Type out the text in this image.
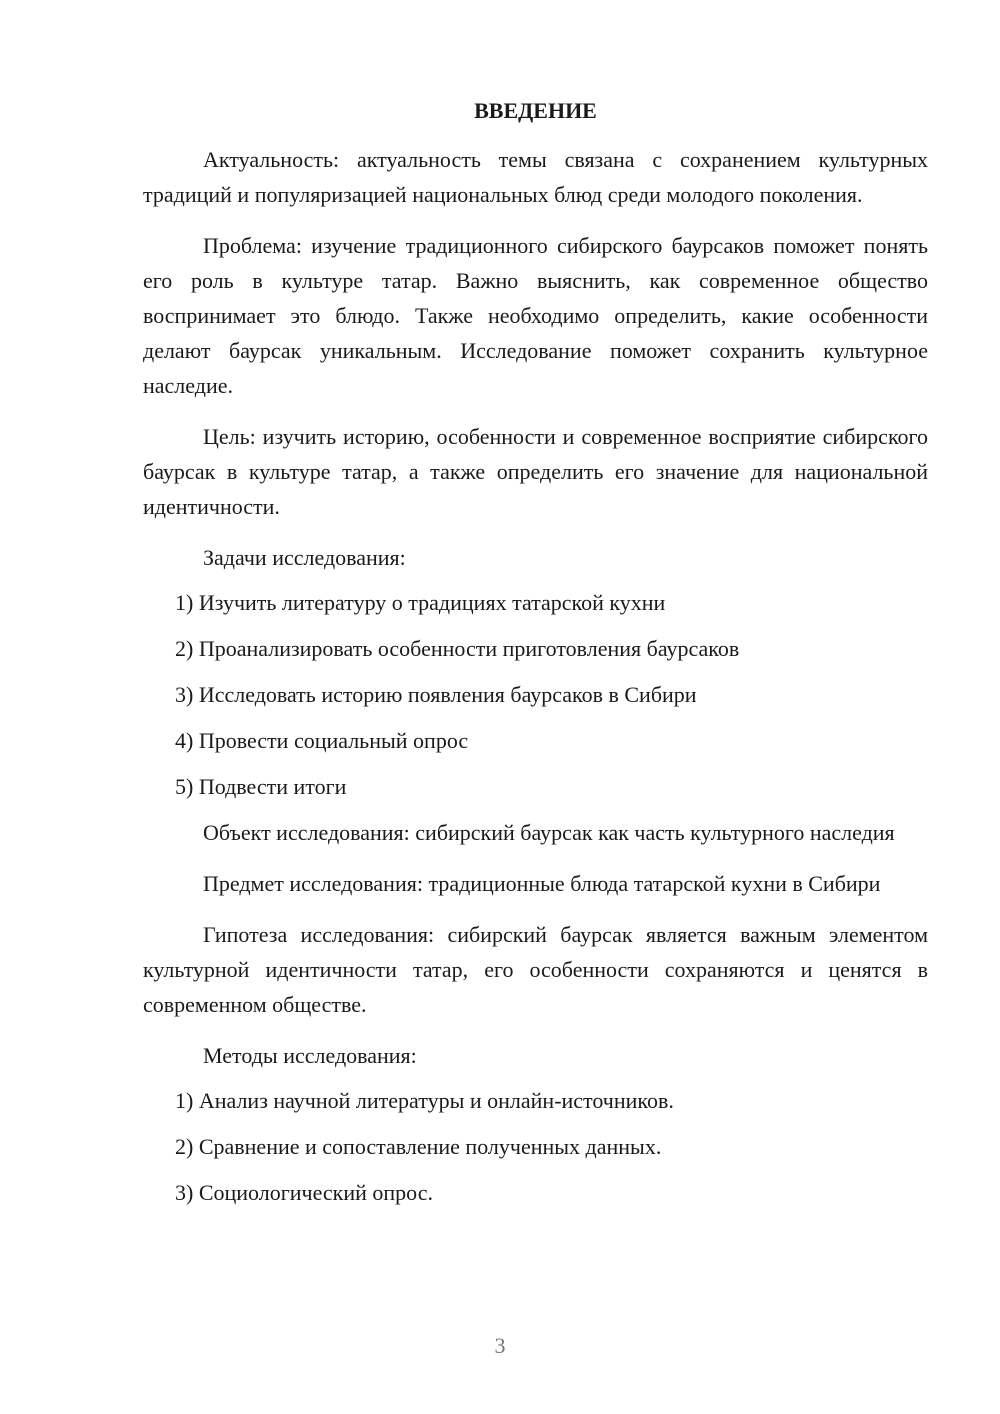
ВВЕДЕНИЕ

Актуальность: актуальность темы связана с сохранением культурных традиций и популяризацией национальных блюд среди молодого поколения.

Проблема: изучение традиционного сибирского баурсаков поможет понять его роль в культуре татар. Важно выяснить, как современное общество воспринимает это блюдо. Также необходимо определить, какие особенности делают баурсак уникальным. Исследование поможет сохранить культурное наследие.

Цель: изучить историю, особенности и современное восприятие сибирского баурсак в культуре татар, а также определить его значение для национальной идентичности.

Задачи исследования:
1) Изучить литературу о традициях татарской кухни
2) Проанализировать особенности приготовления баурсаков
3) Исследовать историю появления баурсаков в Сибири
4) Провести социальный опрос
5) Подвести итоги

Объект исследования: сибирский баурсак как часть культурного наследия

Предмет исследования: традиционные блюда татарской кухни в Сибири

Гипотеза исследования: сибирский баурсак является важным элементом культурной идентичности татар, его особенности сохраняются и ценятся в современном обществе.

Методы исследования:
1) Анализ научной литературы и онлайн-источников.
2) Сравнение и сопоставление полученных данных.
3) Социологический опрос.
3
